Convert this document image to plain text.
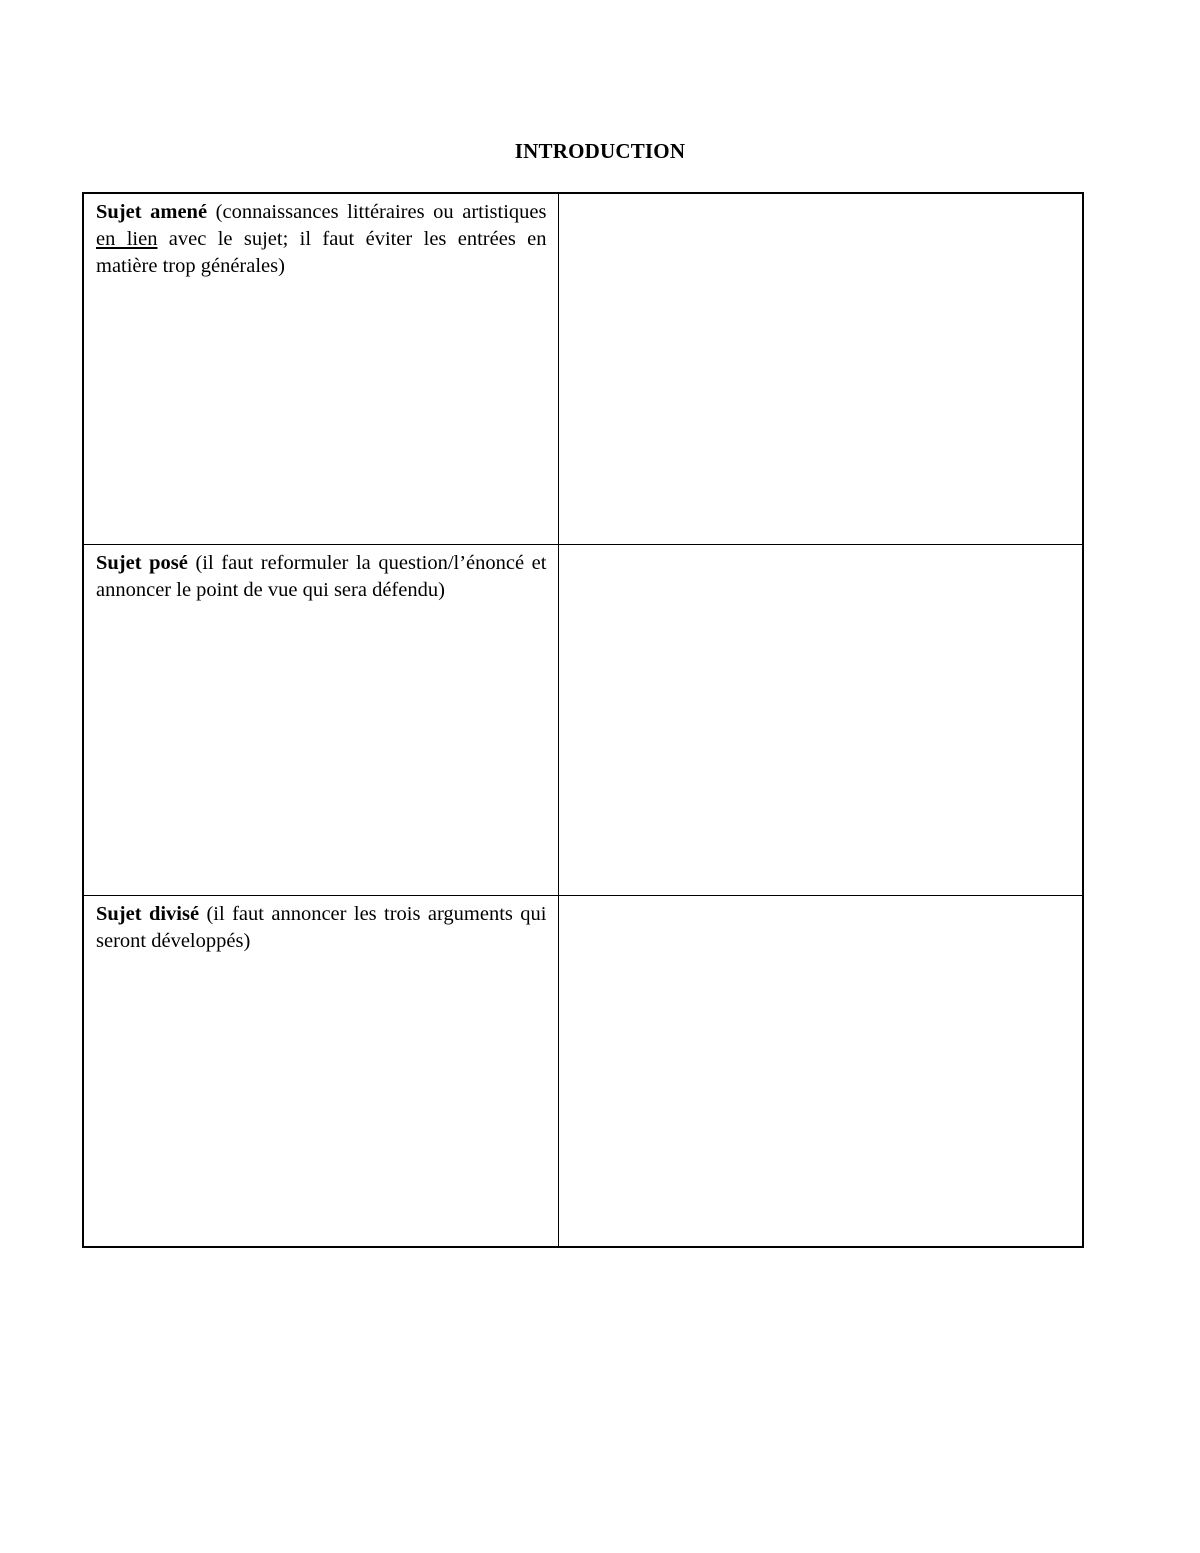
INTRODUCTION
Sujet amené (connaissances littéraires ou artistiques en lien avec le sujet; il faut éviter les entrées en matière trop générales)	

Sujet posé (il faut reformuler la question/l’énoncé et annoncer le point de vue qui sera défendu)	

Sujet divisé (il faut annoncer les trois arguments qui seront développés)	
